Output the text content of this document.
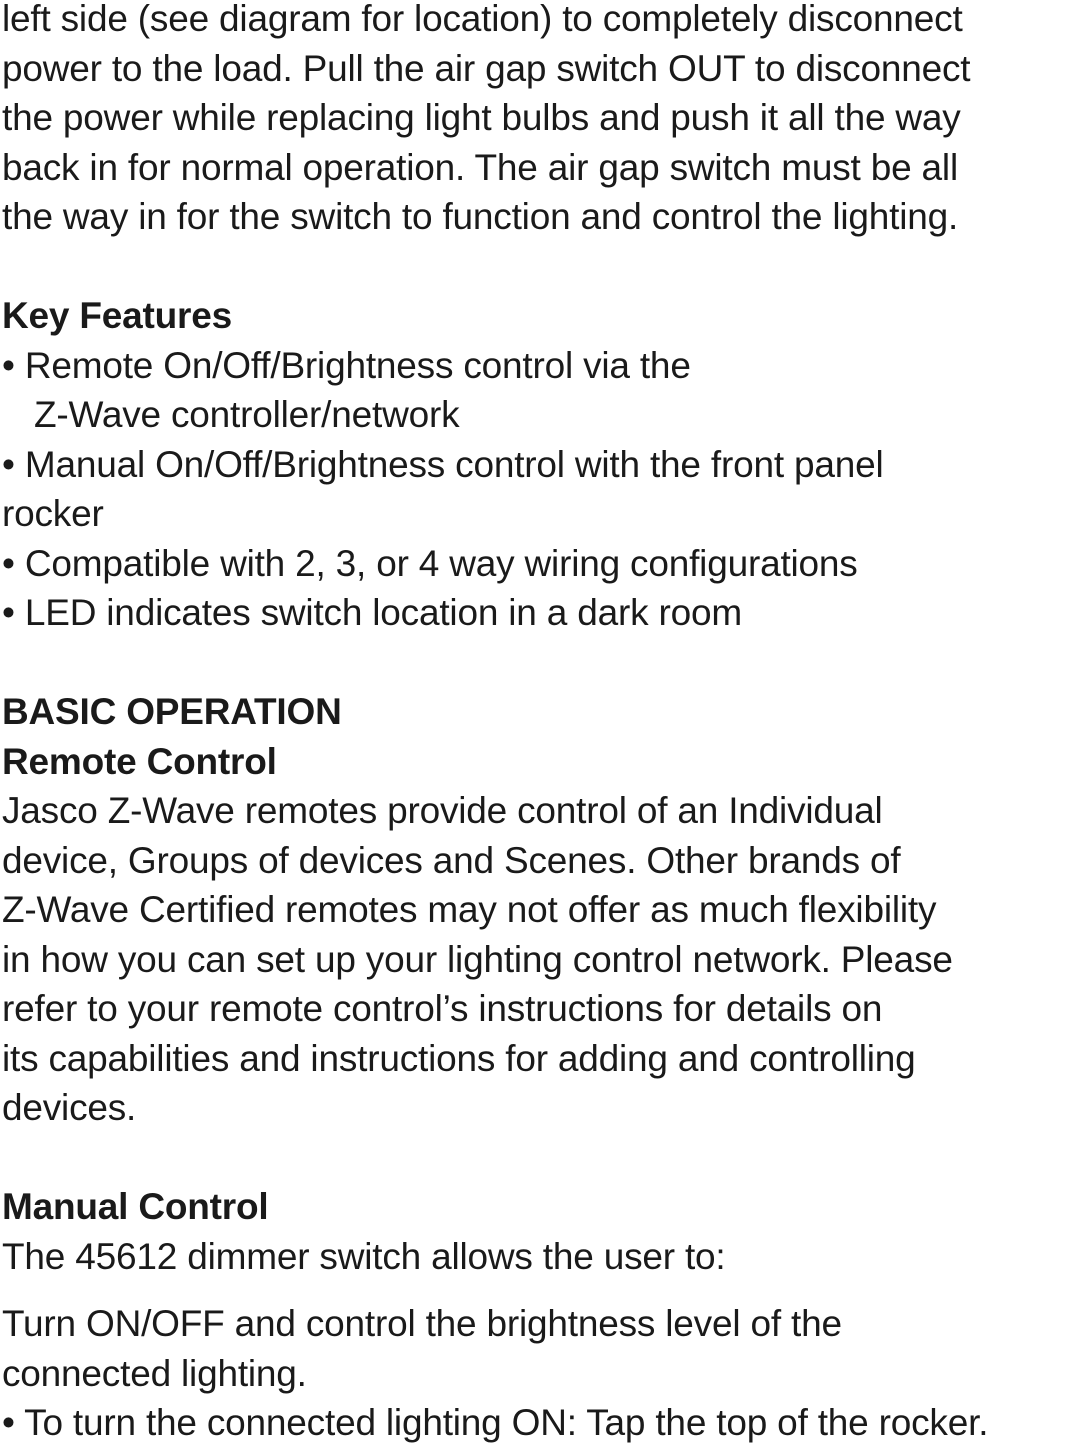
left side (see diagram for location) to completely disconnect
power to the load. Pull the air gap switch OUT to disconnect
the power while replacing light bulbs and push it all the way
back in for normal operation. The air gap switch must be all
the way in for the switch to function and control the lighting.
Key Features
• Remote On/Off/Brightness control via the
Z-Wave controller/network
• Manual On/Off/Brightness control with the front panel
rocker
• Compatible with 2, 3, or 4 way wiring configurations
• LED indicates switch location in a dark room
BASIC OPERATION
Remote Control
Jasco Z-Wave remotes provide control of an Individual
device, Groups of devices and Scenes. Other brands of
Z-Wave Certified remotes may not offer as much flexibility
in how you can set up your lighting control network. Please
refer to your remote control’s instructions for details on
its capabilities and instructions for adding and controlling
devices.
Manual Control
The 45612 dimmer switch allows the user to:
Turn ON/OFF and control the brightness level of the
connected lighting.
• To turn the connected lighting ON: Tap the top of the rocker.
